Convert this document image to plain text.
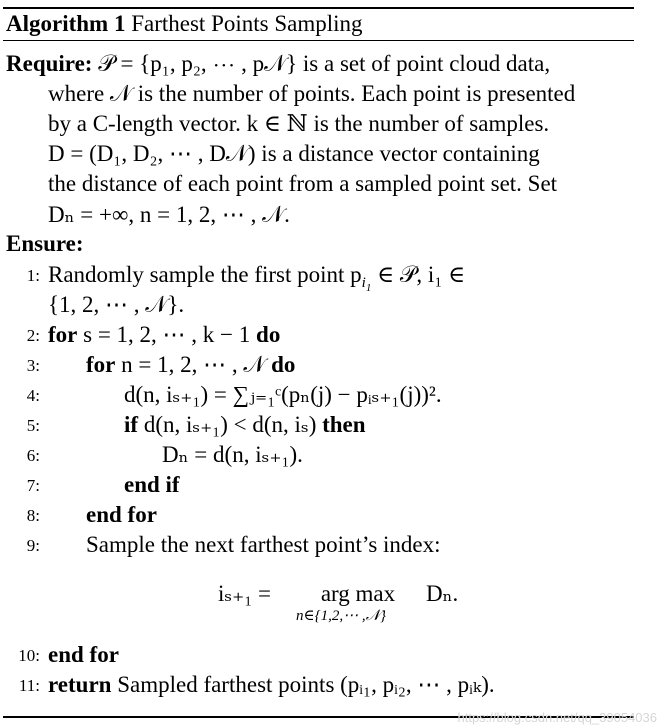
Algorithm 1 Farthest Points Sampling
Require: 𝒫 = {p₁, p₂, ⋯ , p𝒩} is a set of point cloud data,
where 𝒩 is the number of points. Each point is presented
by a C-length vector. k ∈ ℕ is the number of samples.
D = (D₁, D₂, ⋯ , D𝒩) is a distance vector containing
the distance of each point from a sampled point set. Set
Dₙ = +∞, n = 1, 2, ⋯ , 𝒩.
Ensure:
1: Randomly sample the first point $p_{i_1}$ ∈ 𝒫, i₁ ∈
{1, 2, ⋯ , 𝒩}.
2: for s = 1, 2, ⋯ , k − 1 do
3: for n = 1, 2, ⋯ , 𝒩 do
4:	d(n, iₛ₊₁) = ∑ⱼ₌₁ᶜ(pₙ(j) − pᵢₛ₊₁(j))².
5:	if d(n, iₛ₊₁) < d(n, iₛ) then
6:	Dₙ = d(n, iₛ₊₁).
7:	end if
8: end for
9: Sample the next farthest point’s index:
iₛ₊₁ =	arg max
n∈{1,2,⋯ ,𝒩}
Dₙ.
10: end for
11: return Sampled farthest points (pᵢ₁, pᵢ₂, ⋯ , pᵢₖ).
https://blog.csdn.net/qq_39054036
